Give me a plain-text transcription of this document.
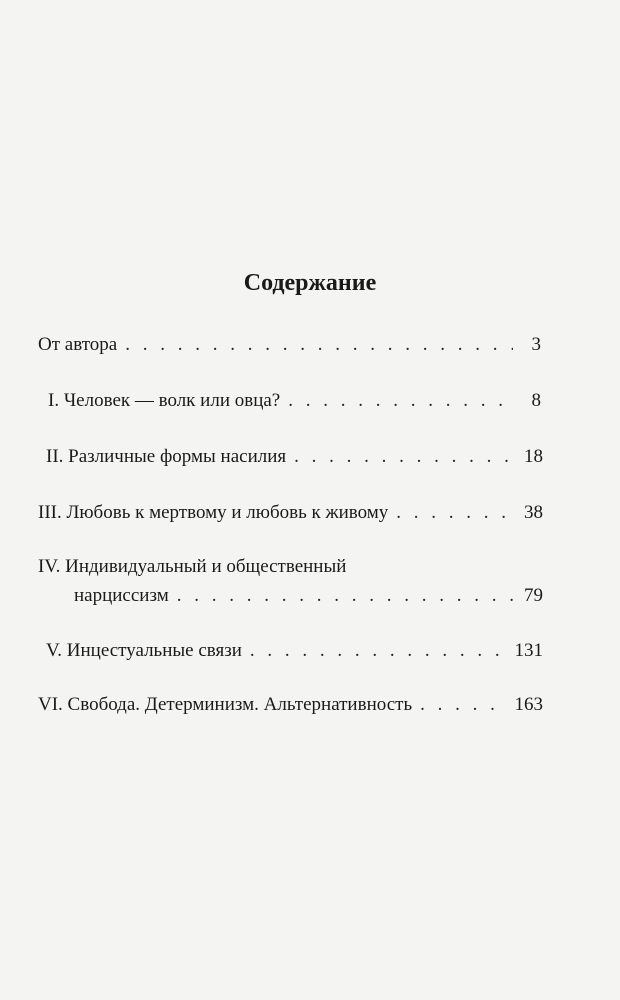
Содержание
От автора . . .	3
I. Человек — волк или овца? . . .	8
II. Различные формы насилия . . .	18
III. Любовь к мертвому и любовь к живому . . .	38
IV. Индивидуальный и общественный
нарциссизм . . .	79
V. Инцестуальные связи . . .	131
VI. Свобода. Детерминизм. Альтернативность . . .	163
